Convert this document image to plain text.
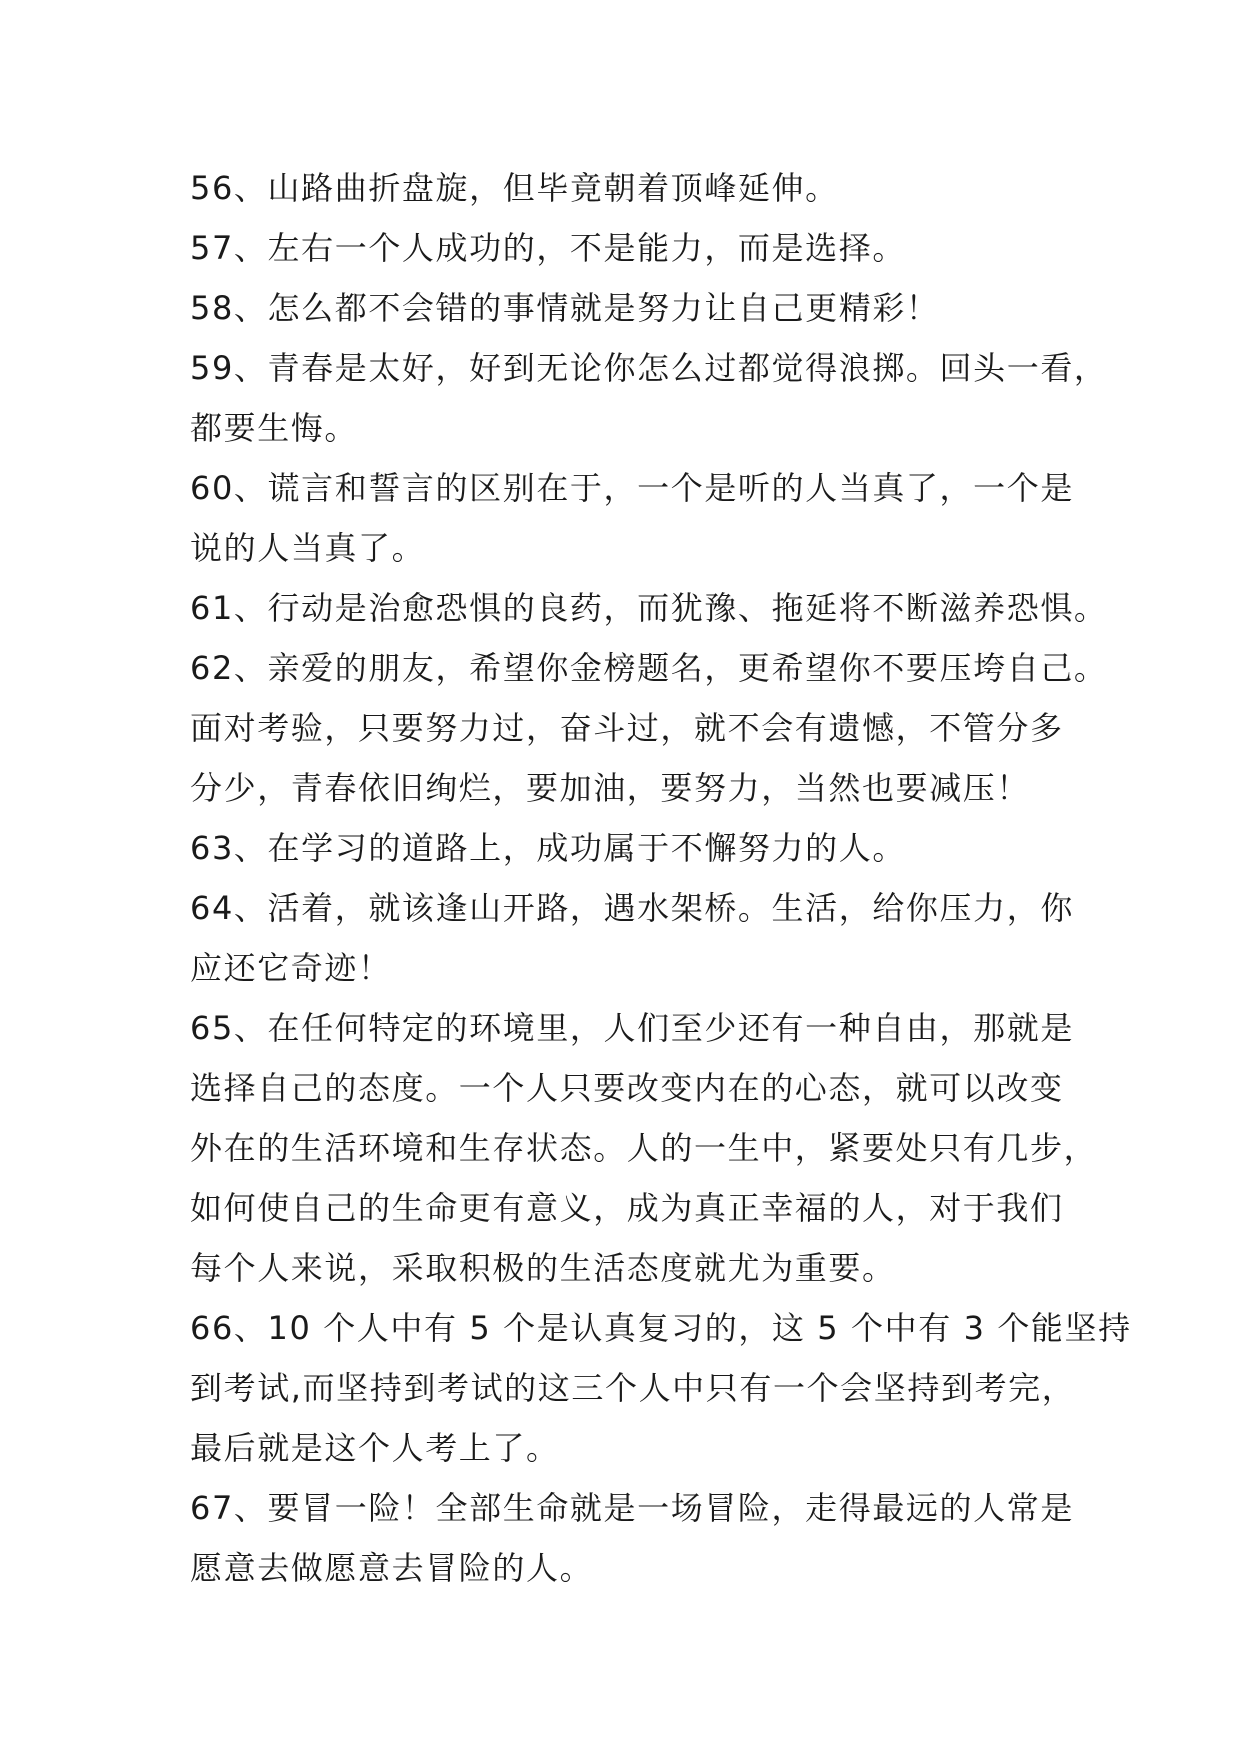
56、山路曲折盘旋，但毕竟朝着顶峰延伸。
57、左右一个人成功的，不是能力，而是选择。
58、怎么都不会错的事情就是努力让自己更精彩！
59、青春是太好，好到无论你怎么过都觉得浪掷。回头一看，
都要生悔。
60、谎言和誓言的区别在于，一个是听的人当真了，一个是
说的人当真了。
61、行动是治愈恐惧的良药，而犹豫、拖延将不断滋养恐惧。
62、亲爱的朋友，希望你金榜题名，更希望你不要压垮自己。
面对考验，只要努力过，奋斗过，就不会有遗憾，不管分多
分少，青春依旧绚烂，要加油，要努力，当然也要减压！
63、在学习的道路上，成功属于不懈努力的人。
64、活着，就该逢山开路，遇水架桥。生活，给你压力，你
应还它奇迹！
65、在任何特定的环境里，人们至少还有一种自由，那就是
选择自己的态度。一个人只要改变内在的心态，就可以改变
外在的生活环境和生存状态。人的一生中，紧要处只有几步，
如何使自己的生命更有意义，成为真正幸福的人，对于我们
每个人来说，采取积极的生活态度就尤为重要。
66、10 个人中有 5 个是认真复习的，这 5 个中有 3 个能坚持
到考试,而坚持到考试的这三个人中只有一个会坚持到考完，
最后就是这个人考上了。
67、要冒一险！全部生命就是一场冒险，走得最远的人常是
愿意去做愿意去冒险的人。
